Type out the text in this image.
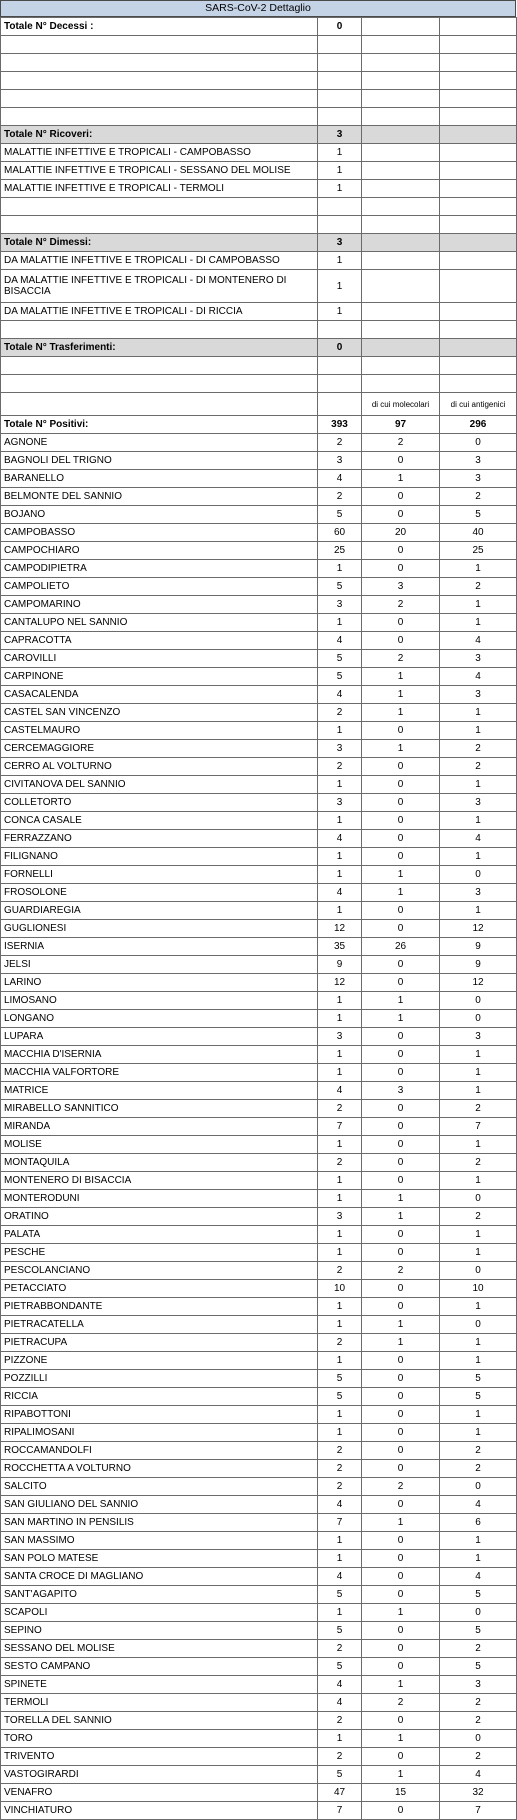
SARS-CoV-2 Dettaglio
Totale N° Decessi :	0		

Totale N° Ricoveri:	3		
MALATTIE INFETTIVE E TROPICALI - CAMPOBASSO	1		
MALATTIE INFETTIVE E TROPICALI - SESSANO DEL MOLISE	1		
MALATTIE INFETTIVE E TROPICALI - TERMOLI	1		

Totale N° Dimessi:	3		
DA MALATTIE INFETTIVE E TROPICALI - DI CAMPOBASSO	1		
DA MALATTIE INFETTIVE E TROPICALI - DI MONTENERO DI BISACCIA	1		
DA MALATTIE INFETTIVE E TROPICALI - DI RICCIA	1		

Totale N° Trasferimenti:	0		

		di cui molecolari	di cui antigenici
Totale N° Positivi:	393	97	296
AGNONE	2	2	0
BAGNOLI DEL TRIGNO	3	0	3
BARANELLO	4	1	3
BELMONTE DEL SANNIO	2	0	2
BOJANO	5	0	5
CAMPOBASSO	60	20	40
CAMPOCHIARO	25	0	25
CAMPODIPIETRA	1	0	1
CAMPOLIETO	5	3	2
CAMPOMARINO	3	2	1
CANTALUPO NEL SANNIO	1	0	1
CAPRACOTTA	4	0	4
CAROVILLI	5	2	3
CARPINONE	5	1	4
CASACALENDA	4	1	3
CASTEL SAN VINCENZO	2	1	1
CASTELMAURO	1	0	1
CERCEMAGGIORE	3	1	2
CERRO AL VOLTURNO	2	0	2
CIVITANOVA DEL SANNIO	1	0	1
COLLETORTO	3	0	3
CONCA CASALE	1	0	1
FERRAZZANO	4	0	4
FILIGNANO	1	0	1
FORNELLI	1	1	0
FROSOLONE	4	1	3
GUARDIAREGIA	1	0	1
GUGLIONESI	12	0	12
ISERNIA	35	26	9
JELSI	9	0	9
LARINO	12	0	12
LIMOSANO	1	1	0
LONGANO	1	1	0
LUPARA	3	0	3
MACCHIA D'ISERNIA	1	0	1
MACCHIA VALFORTORE	1	0	1
MATRICE	4	3	1
MIRABELLO SANNITICO	2	0	2
MIRANDA	7	0	7
MOLISE	1	0	1
MONTAQUILA	2	0	2
MONTENERO DI BISACCIA	1	0	1
MONTERODUNI	1	1	0
ORATINO	3	1	2
PALATA	1	0	1
PESCHE	1	0	1
PESCOLANCIANO	2	2	0
PETACCIATO	10	0	10
PIETRABBONDANTE	1	0	1
PIETRACATELLA	1	1	0
PIETRACUPA	2	1	1
PIZZONE	1	0	1
POZZILLI	5	0	5
RICCIA	5	0	5
RIPABOTTONI	1	0	1
RIPALIMOSANI	1	0	1
ROCCAMANDOLFI	2	0	2
ROCCHETTA A VOLTURNO	2	0	2
SALCITO	2	2	0
SAN GIULIANO DEL SANNIO	4	0	4
SAN MARTINO IN PENSILIS	7	1	6
SAN MASSIMO	1	0	1
SAN POLO MATESE	1	0	1
SANTA CROCE DI MAGLIANO	4	0	4
SANT'AGAPITO	5	0	5
SCAPOLI	1	1	0
SEPINO	5	0	5
SESSANO DEL MOLISE	2	0	2
SESTO CAMPANO	5	0	5
SPINETE	4	1	3
TERMOLI	4	2	2
TORELLA DEL SANNIO	2	0	2
TORO	1	1	0
TRIVENTO	2	0	2
VASTOGIRARDI	5	1	4
VENAFRO	47	15	32
VINCHIATURO	7	0	7
